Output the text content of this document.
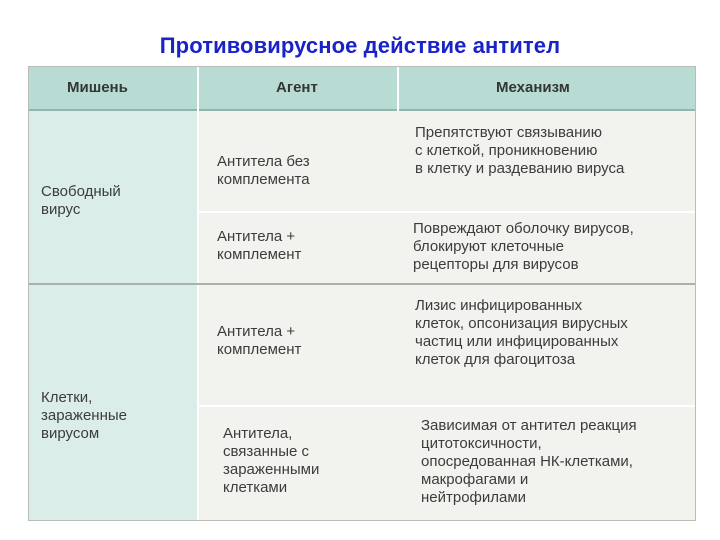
Противовирусное действие антител
Мишень	Агент	Механизм
Свободный
вирус
Клетки,
зараженные
вирусом
Антитела без
комплемента
Препятствуют связыванию
с клеткой, проникновению
в клетку и раздеванию вируса
Антитела +
комплемент
Повреждают оболочку вирусов,
блокируют клеточные
рецепторы для вирусов
Антитела +
комплемент
Лизис инфицированных
клеток, опсонизация вирусных
частиц или инфицированных
клеток для фагоцитоза
Антитела,
связанные с
зараженными
клетками
Зависимая от антител реакция
цитотоксичности,
опосредованная НК-клетками,
макрофагами и
нейтрофилами
